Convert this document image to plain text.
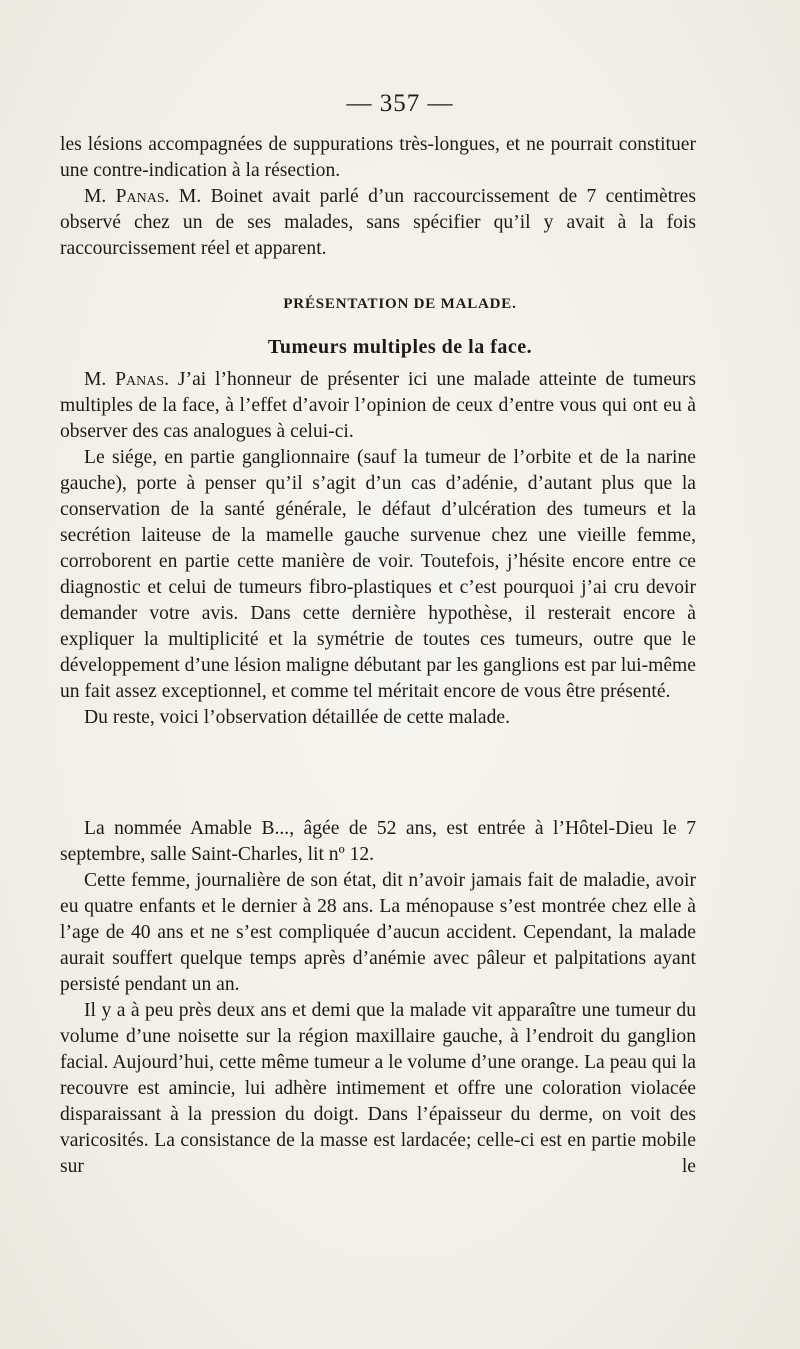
— 357 —

les lésions accompagnées de suppurations très-longues, et ne pourrait constituer une contre-indication à la résection.

M. Panas. M. Boinet avait parlé d’un raccourcissement de 7 centimètres observé chez un de ses malades, sans spécifier qu’il y avait à la fois raccourcissement réel et apparent.

PRÉSENTATION DE MALADE.
Tumeurs multiples de la face.

M. Panas. J’ai l’honneur de présenter ici une malade atteinte de tumeurs multiples de la face, à l’effet d’avoir l’opinion de ceux d’entre vous qui ont eu à observer des cas analogues à celui-ci.

Le siége, en partie ganglionnaire (sauf la tumeur de l’orbite et de la narine gauche), porte à penser qu’il s’agit d’un cas d’adénie, d’autant plus que la conservation de la santé générale, le défaut d’ulcération des tumeurs et la secrétion laiteuse de la mamelle gauche survenue chez une vieille femme, corroborent en partie cette manière de voir. Toutefois, j’hésite encore entre ce diagnostic et celui de tumeurs fibro-plastiques et c’est pourquoi j’ai cru devoir demander votre avis. Dans cette dernière hypothèse, il resterait encore à expliquer la multiplicité et la symétrie de toutes ces tumeurs, outre que le développement d’une lésion maligne débutant par les ganglions est par lui-même un fait assez exceptionnel, et comme tel méritait encore de vous être présenté.

Du reste, voici l’observation détaillée de cette malade.

La nommée Amable B..., âgée de 52 ans, est entrée à l’Hôtel-Dieu le 7 septembre, salle Saint-Charles, lit nº 12.

Cette femme, journalière de son état, dit n’avoir jamais fait de maladie, avoir eu quatre enfants et le dernier à 28 ans. La ménopause s’est montrée chez elle à l’age de 40 ans et ne s’est compliquée d’aucun accident. Cependant, la malade aurait souffert quelque temps après d’anémie avec pâleur et palpitations ayant persisté pendant un an.

Il y a à peu près deux ans et demi que la malade vit apparaître une tumeur du volume d’une noisette sur la région maxillaire gauche, à l’endroit du ganglion facial. Aujourd’hui, cette même tumeur a le volume d’une orange. La peau qui la recouvre est amincie, lui adhère intimement et offre une coloration violacée disparaissant à la pression du doigt. Dans l’épaisseur du derme, on voit des varicosités. La consistance de la masse est lardacée; celle-ci est en partie mobile sur le
